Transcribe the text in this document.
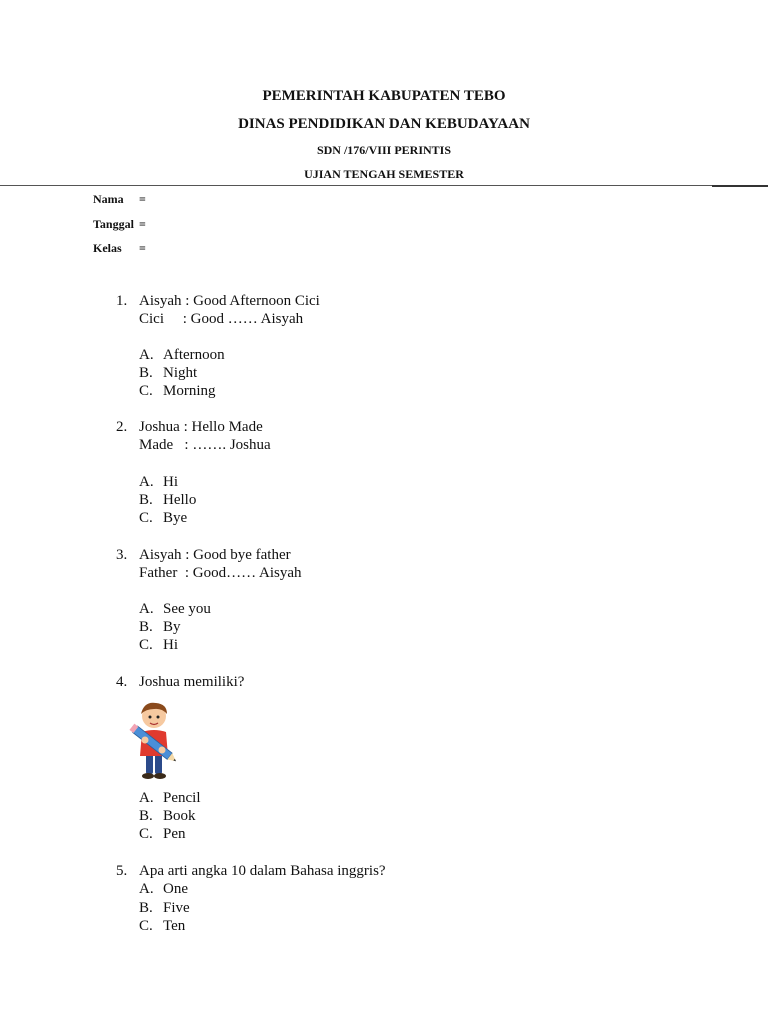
PEMERINTAH KABUPATEN TEBO
DINAS PENDIDIKAN DAN KEBUDAYAAN
SDN /176/VIII PERINTIS
UJIAN TENGAH SEMESTER
Nama =
Tanggal =
Kelas =
1. Aisyah : Good Afternoon Cici
Cici     : Good …… Aisyah
A. Afternoon
B. Night
C. Morning
2. Joshua : Hello Made
Made   : ……. Joshua
A. Hi
B. Hello
C. Bye
3. Aisyah : Good bye father
Father  : Good…… Aisyah
A. See you
B. By
C. Hi
4. Joshua memiliki?
A. Pencil
B. Book
C. Pen
5. Apa arti angka 10 dalam Bahasa inggris?
A. One
B. Five
C. Ten
